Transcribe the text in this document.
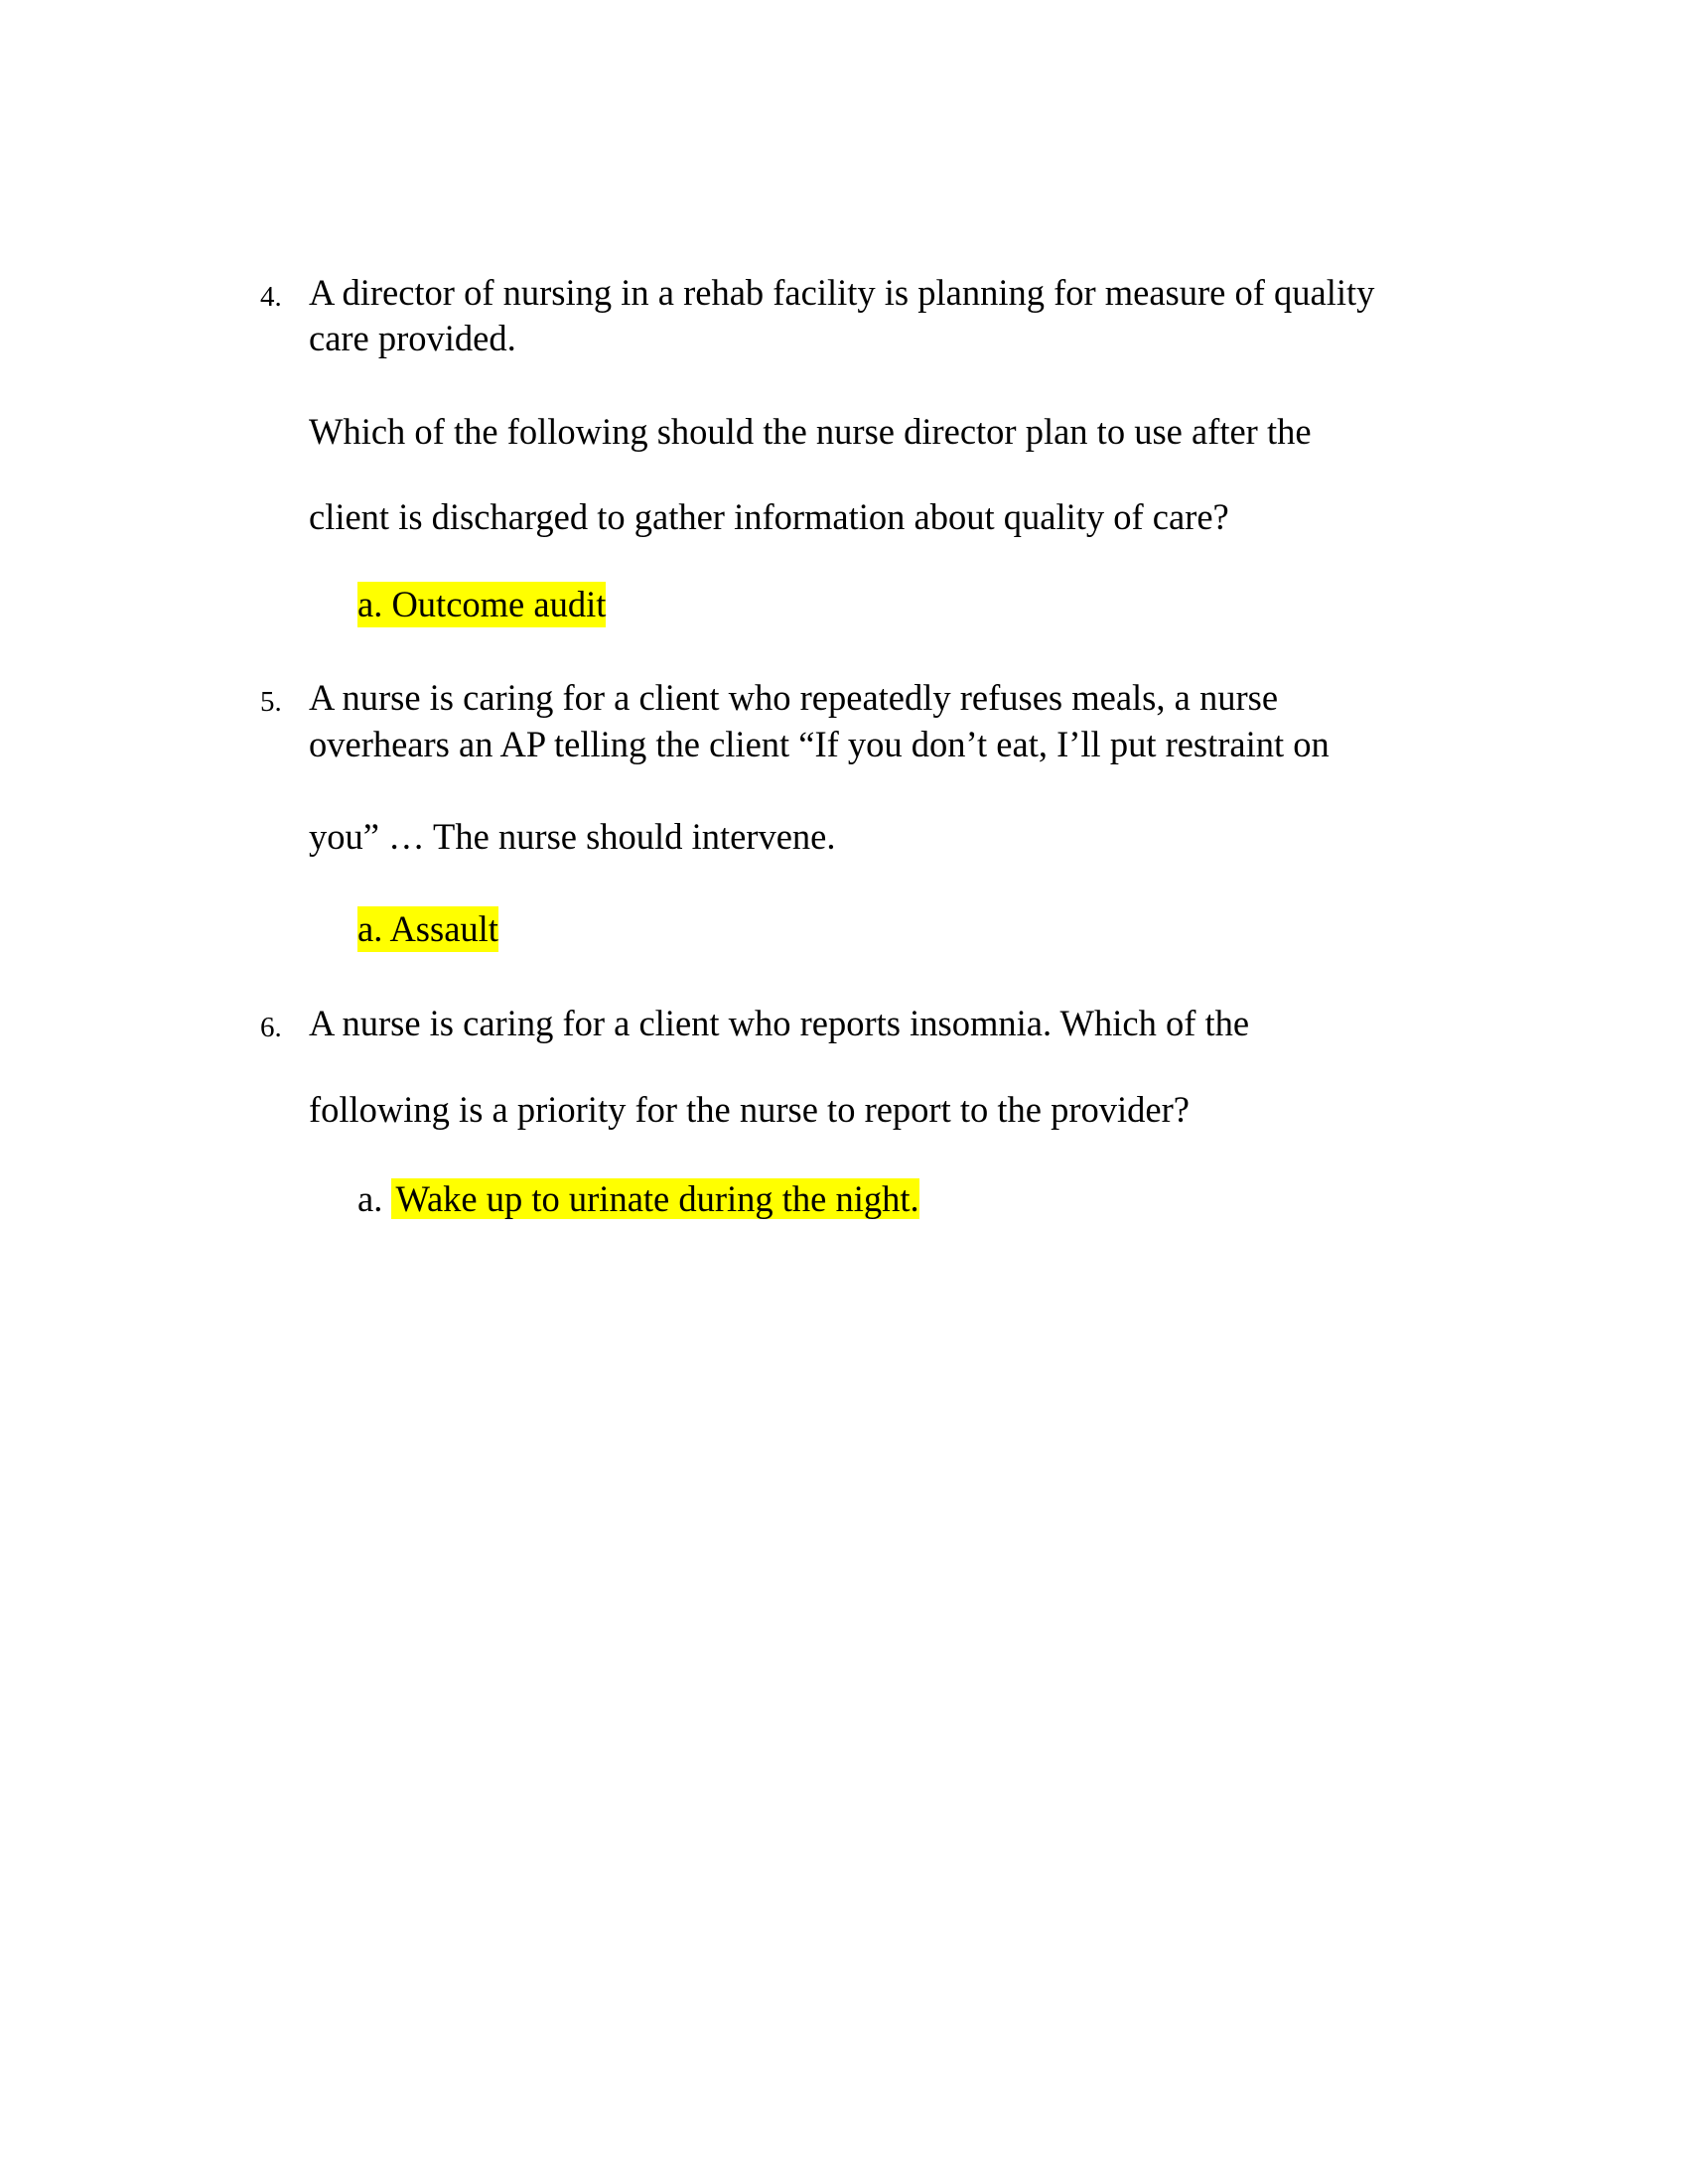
4. A director of nursing in a rehab facility is planning for measure of quality
care provided.
Which of the following should the nurse director plan to use after the
client is discharged to gather information about quality of care?
a. Outcome audit
5. A nurse is caring for a client who repeatedly refuses meals, a nurse
overhears an AP telling the client “If you don’t eat, I’ll put restraint on
you” … The nurse should intervene.
a. Assault
6. A nurse is caring for a client who reports insomnia. Which of the
following is a priority for the nurse to report to the provider?
a. Wake up to urinate during the night.
